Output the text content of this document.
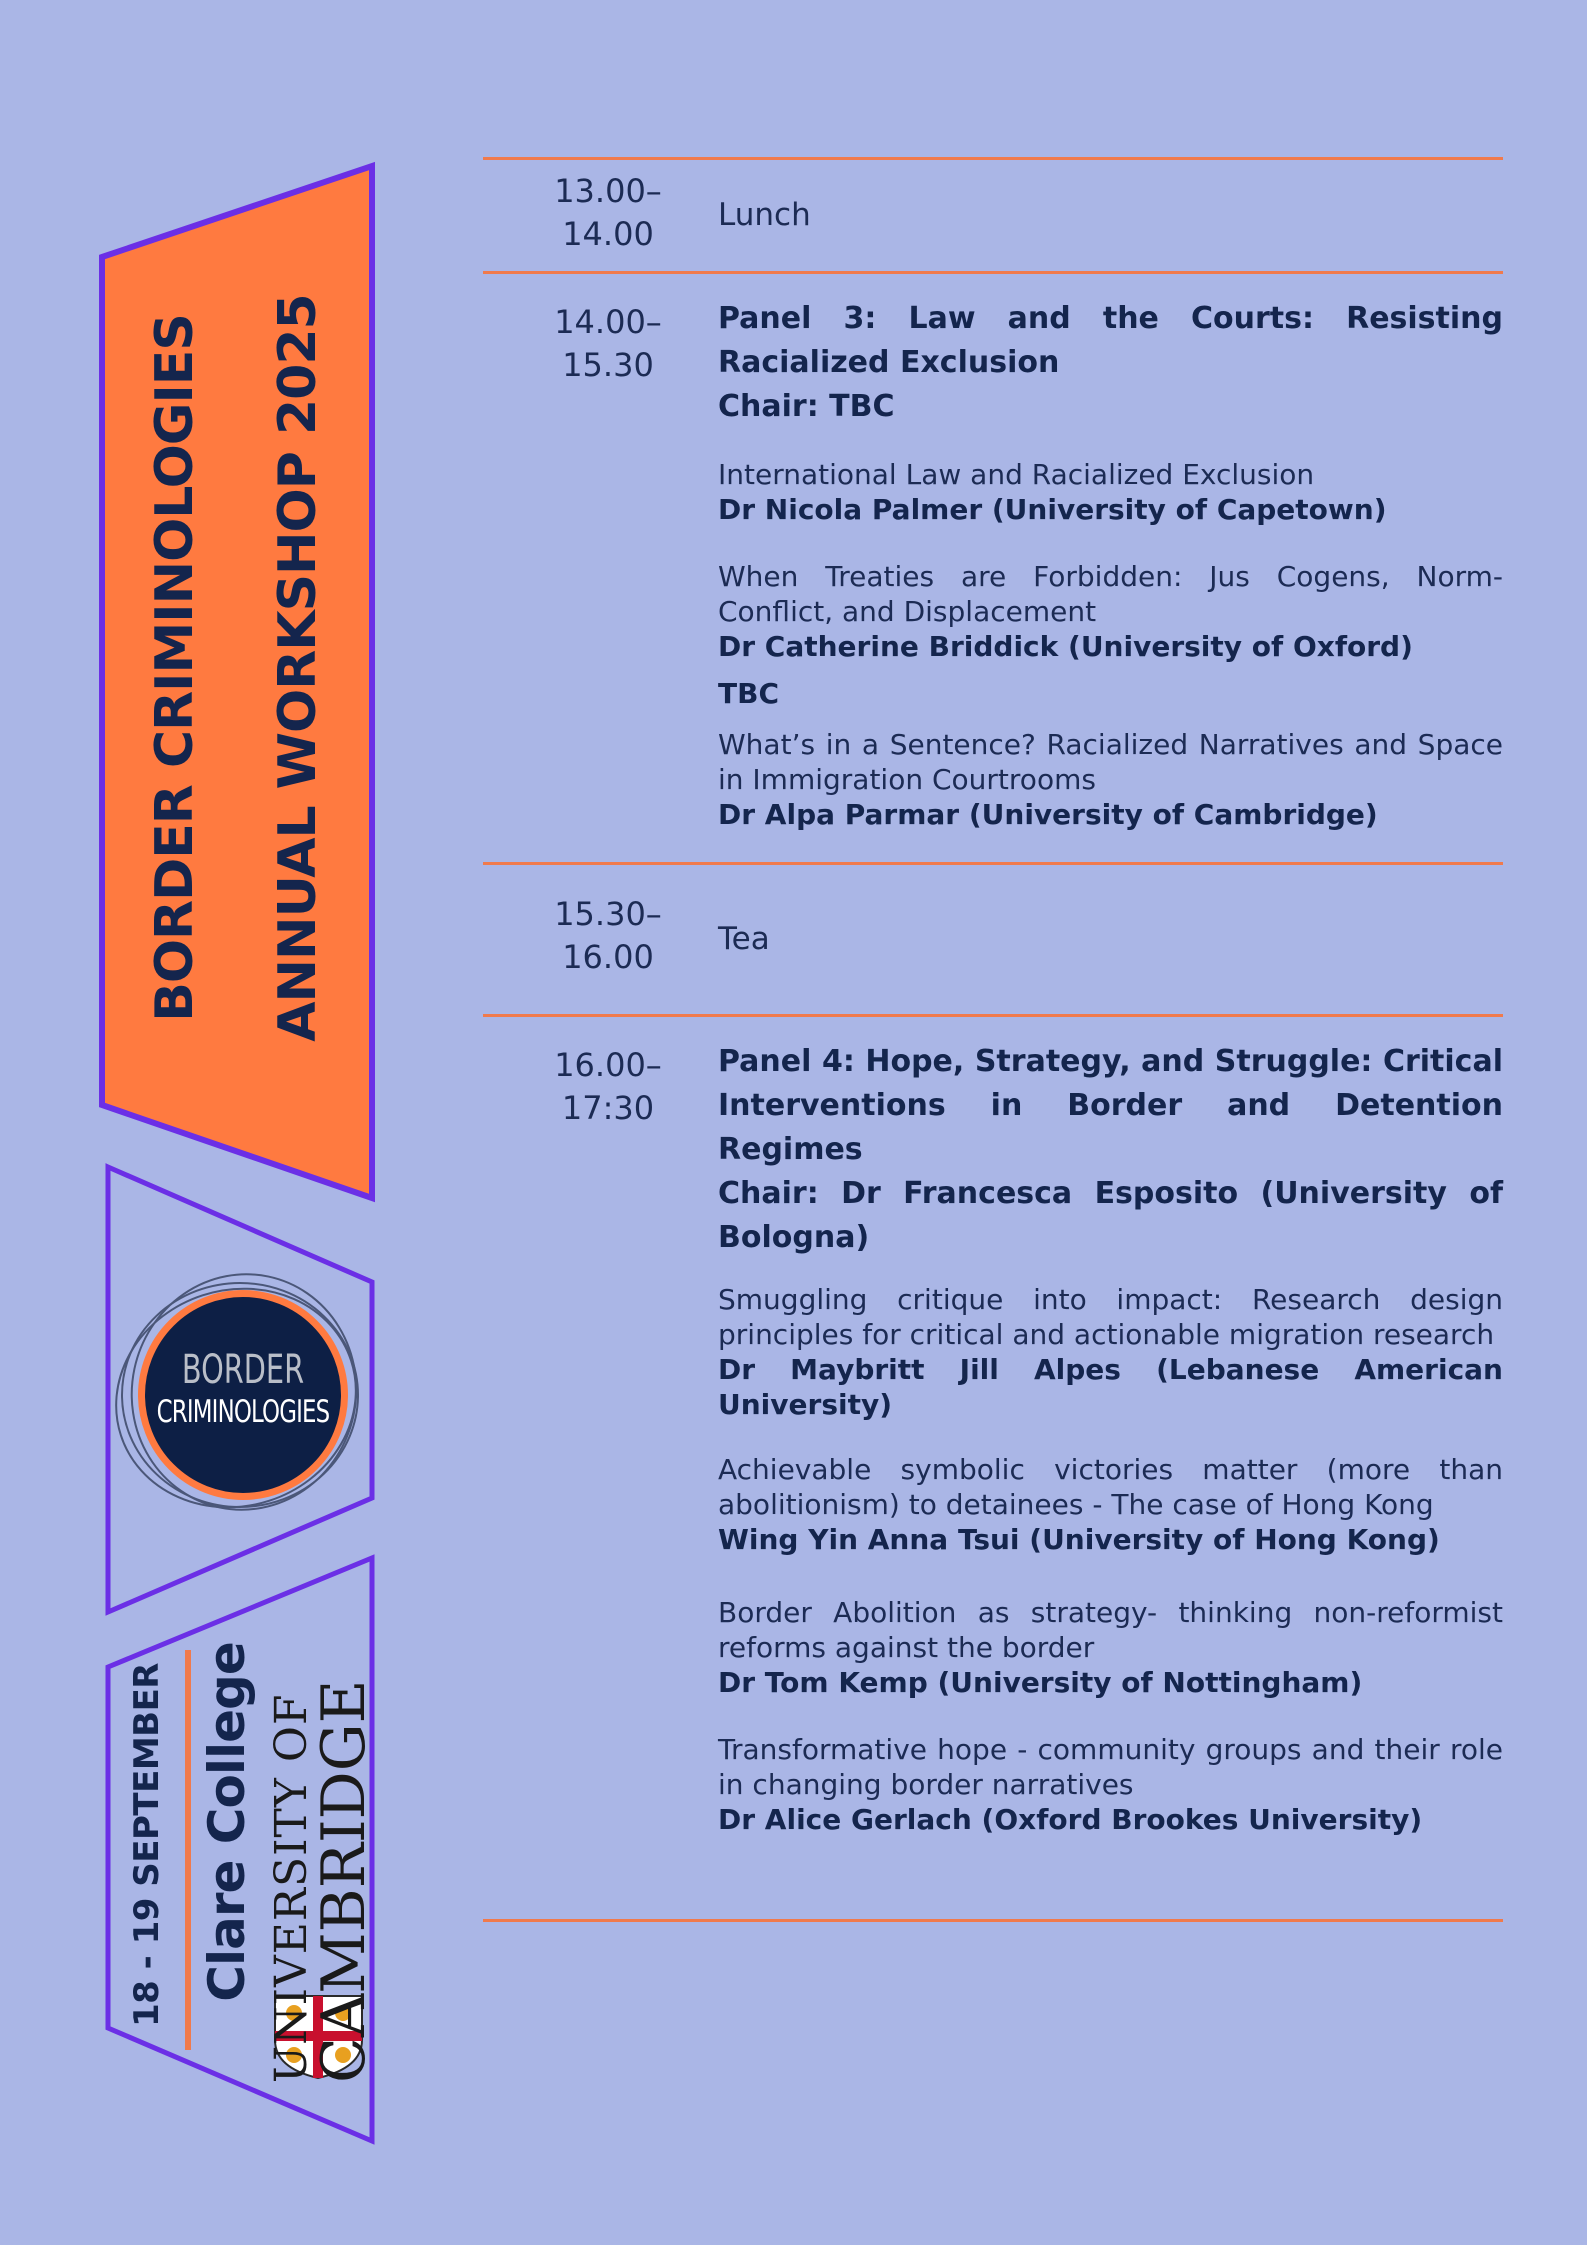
BORDER CRIMINOLOGIES ANNUAL WORKSHOP 2025
BORDER
CRIMINOLOGIES
18 - 19 SEPTEMBER Clare College UNIVERSITY OF
CAMBRIDGE
13.00–
14.00	Lunch
14.00–
15.30
Panel 3: Law and the Courts: Resisting Racialized Exclusion
Chair: TBC
International Law and Racialized Exclusion
Dr Nicola Palmer (University of Capetown)
When Treaties are Forbidden: Jus Cogens, Norm-Conflict, and Displacement
Dr Catherine Briddick (University of Oxford)
TBC
What’s in a Sentence? Racialized Narratives and Space in Immigration Courtrooms
Dr Alpa Parmar (University of Cambridge)
15.30–
16.00	Tea
16.00–
17:30
Panel 4: Hope, Strategy, and Struggle: Critical Interventions in Border and Detention Regimes
Chair: Dr Francesca Esposito (University of Bologna)
Smuggling critique into impact: Research design principles for critical and actionable migration research
Dr Maybritt Jill Alpes (Lebanese American University)
Achievable symbolic victories matter (more than abolitionism) to detainees - The case of Hong Kong
Wing Yin Anna Tsui (University of Hong Kong)
Border Abolition as strategy- thinking non-reformist reforms against the border
Dr Tom Kemp (University of Nottingham)
Transformative hope - community groups and their role in changing border narratives
Dr Alice Gerlach (Oxford Brookes University)
